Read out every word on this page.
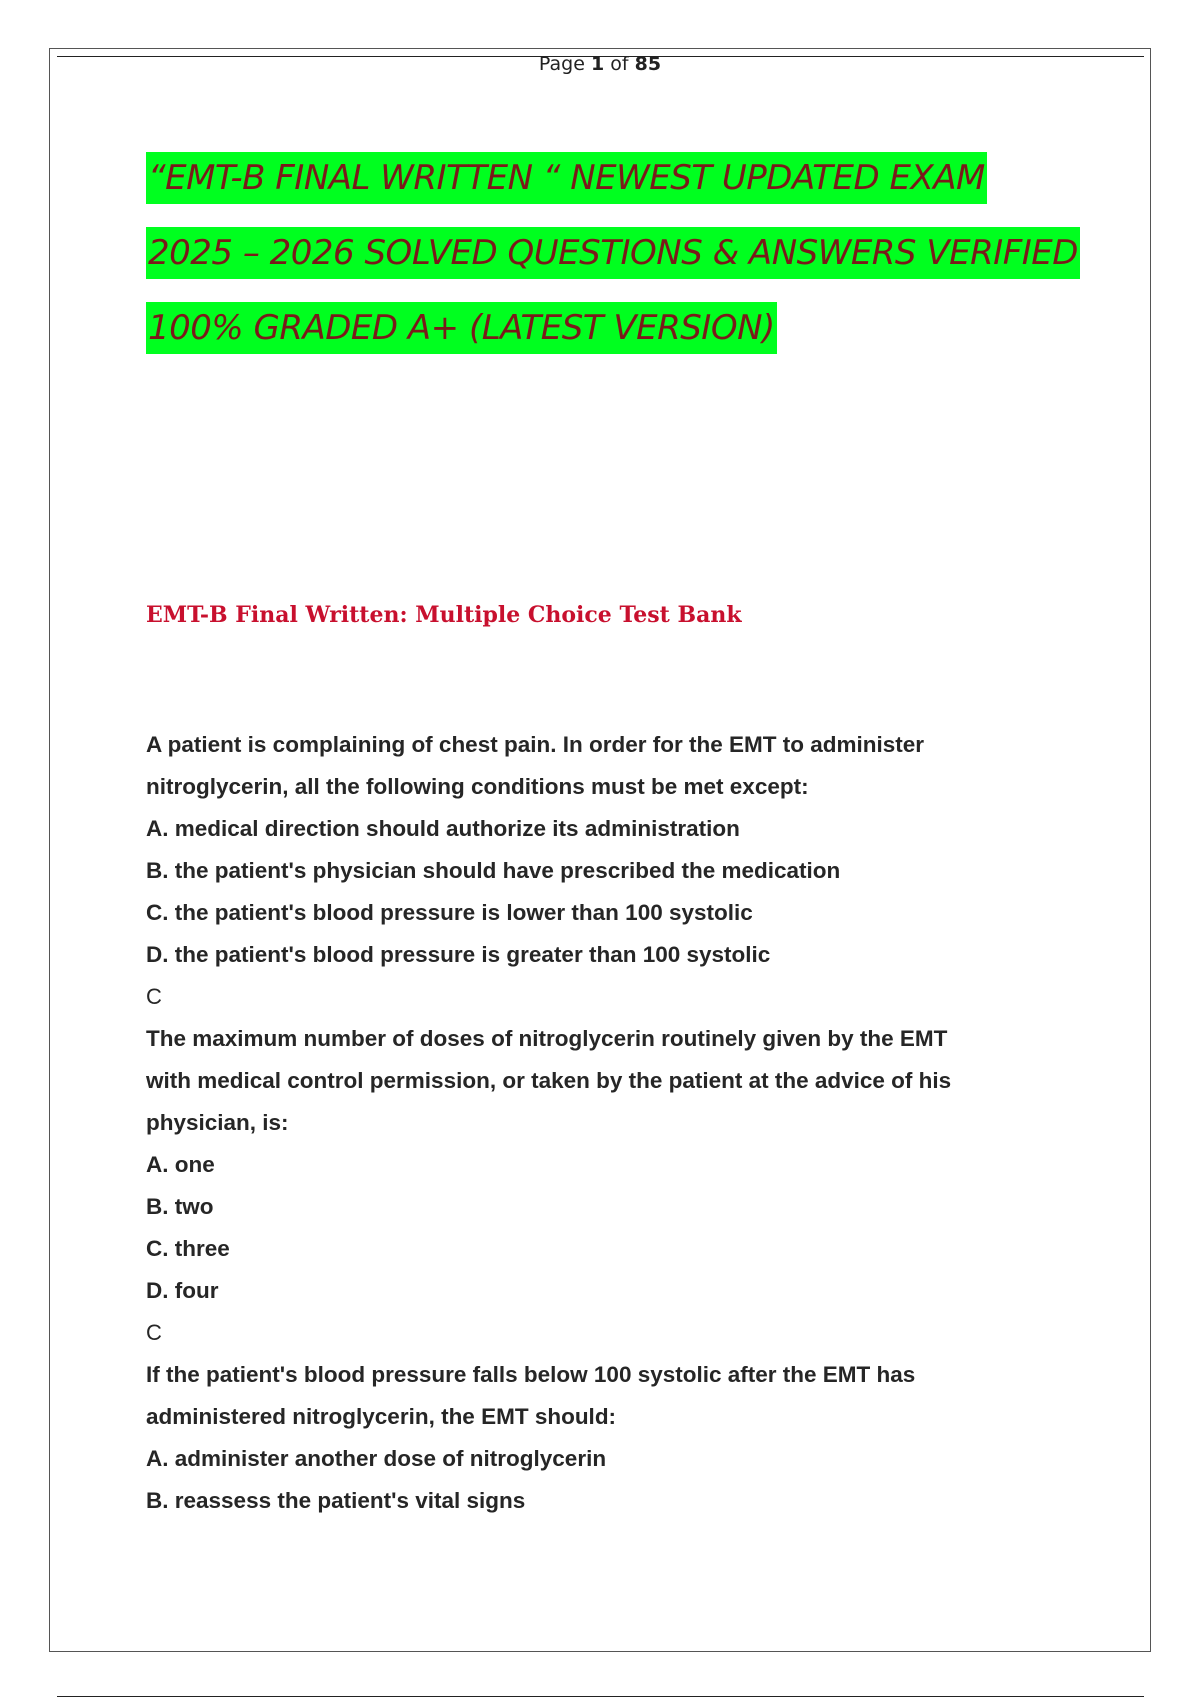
Page 1 of 85
“EMT-B FINAL WRITTEN “ NEWEST UPDATED EXAM
2025 – 2026 SOLVED QUESTIONS & ANSWERS VERIFIED
100% GRADED A+ (LATEST VERSION)
EMT-B Final Written: Multiple Choice Test Bank
A patient is complaining of chest pain. In order for the EMT to administer
nitroglycerin, all the following conditions must be met except:
A. medical direction should authorize its administration
B. the patient's physician should have prescribed the medication
C. the patient's blood pressure is lower than 100 systolic
D. the patient's blood pressure is greater than 100 systolic
C
The maximum number of doses of nitroglycerin routinely given by the EMT
with medical control permission, or taken by the patient at the advice of his
physician, is:
A. one
B. two
C. three
D. four
C
If the patient's blood pressure falls below 100 systolic after the EMT has
administered nitroglycerin, the EMT should:
A. administer another dose of nitroglycerin
B. reassess the patient's vital signs
